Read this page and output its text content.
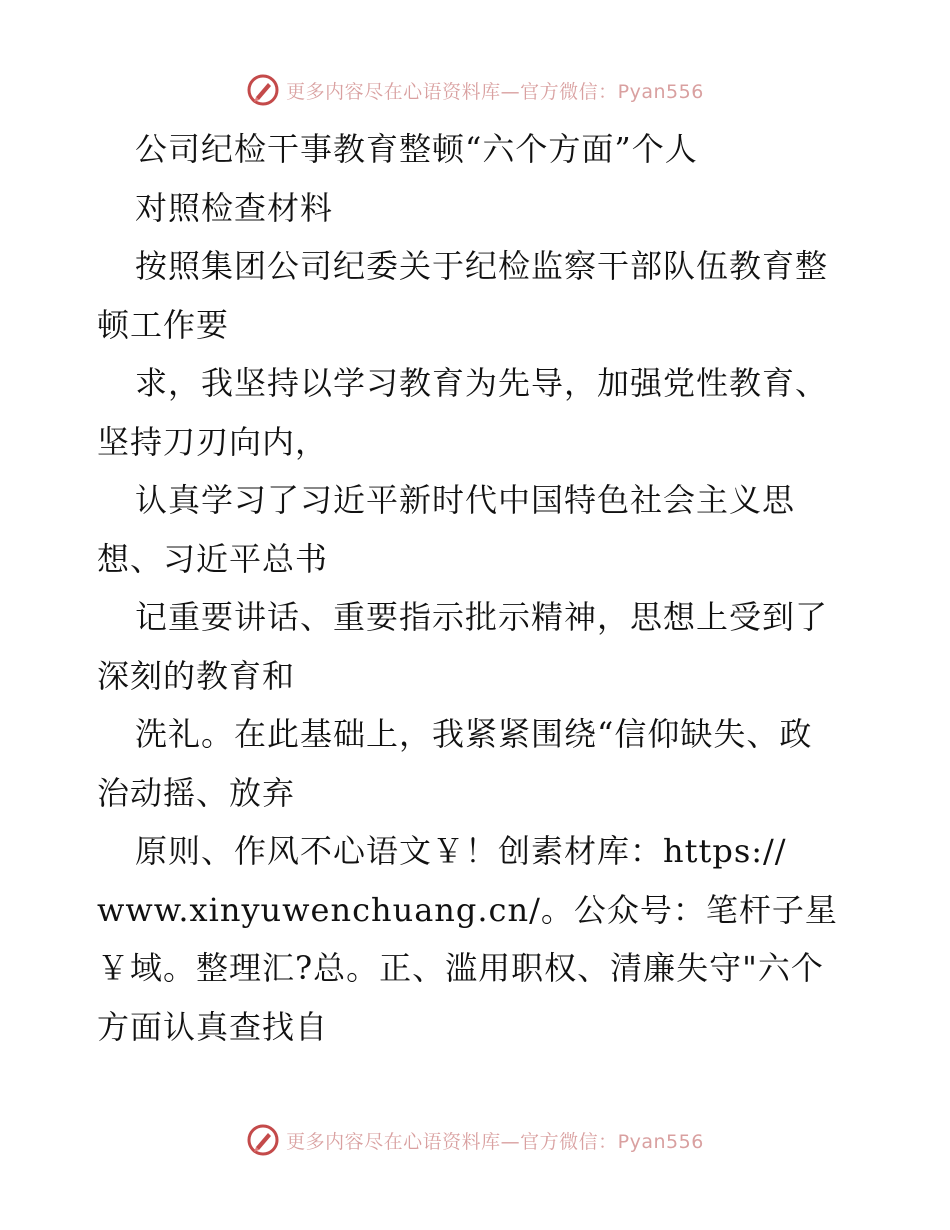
更多内容尽在心语资料库—官方微信：Pyan556
公司纪检干事教育整顿“六个方面”个人
对照检查材料
按照集团公司纪委关于纪检监察干部队伍教育整
顿工作要
求，我坚持以学习教育为先导，加强党性教育、
坚持刀刃向内，
认真学习了习近平新时代中国特色社会主义思
想、习近平总书
记重要讲话、重要指示批示精神，思想上受到了
深刻的教育和
洗礼。在此基础上，我紧紧围绕“信仰缺失、政
治动摇、放弃
原则、作风不心语文￥！创素材库：https://
www.xinyuwenchuang.cn/。公众号：笔杆子星
￥域。整理汇?总。正、滥用职权、清廉失守"六个
方面认真查找自
更多内容尽在心语资料库—官方微信：Pyan556
